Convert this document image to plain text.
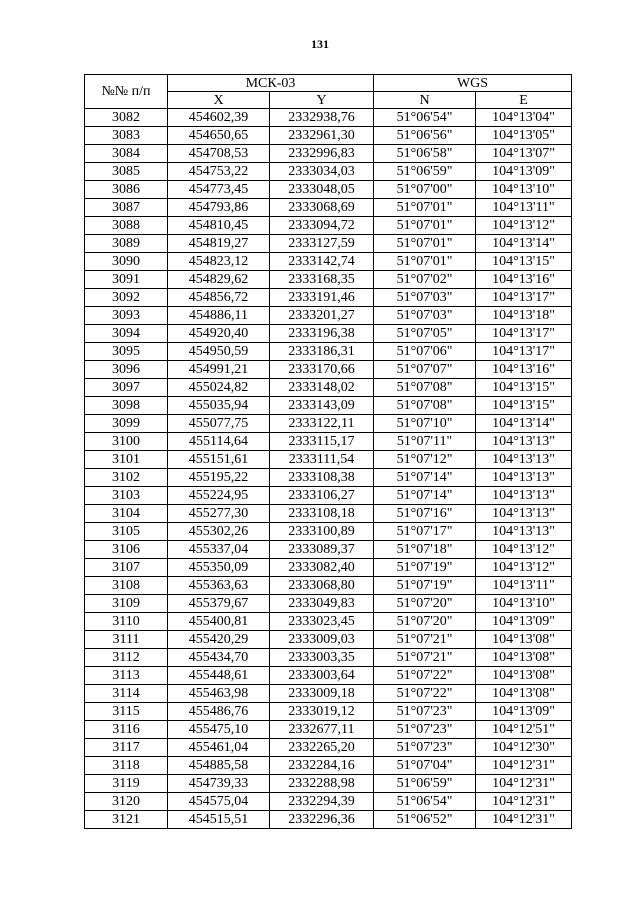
131
№№ п/п	МСК-03		WGS	
	X	Y	N	E
3082	454602,39	2332938,76	51°06'54"	104°13'04"
3083	454650,65	2332961,30	51°06'56"	104°13'05"
3084	454708,53	2332996,83	51°06'58"	104°13'07"
3085	454753,22	2333034,03	51°06'59"	104°13'09"
3086	454773,45	2333048,05	51°07'00"	104°13'10"
3087	454793,86	2333068,69	51°07'01"	104°13'11"
3088	454810,45	2333094,72	51°07'01"	104°13'12"
3089	454819,27	2333127,59	51°07'01"	104°13'14"
3090	454823,12	2333142,74	51°07'01"	104°13'15"
3091	454829,62	2333168,35	51°07'02"	104°13'16"
3092	454856,72	2333191,46	51°07'03"	104°13'17"
3093	454886,11	2333201,27	51°07'03"	104°13'18"
3094	454920,40	2333196,38	51°07'05"	104°13'17"
3095	454950,59	2333186,31	51°07'06"	104°13'17"
3096	454991,21	2333170,66	51°07'07"	104°13'16"
3097	455024,82	2333148,02	51°07'08"	104°13'15"
3098	455035,94	2333143,09	51°07'08"	104°13'15"
3099	455077,75	2333122,11	51°07'10"	104°13'14"
3100	455114,64	2333115,17	51°07'11"	104°13'13"
3101	455151,61	2333111,54	51°07'12"	104°13'13"
3102	455195,22	2333108,38	51°07'14"	104°13'13"
3103	455224,95	2333106,27	51°07'14"	104°13'13"
3104	455277,30	2333108,18	51°07'16"	104°13'13"
3105	455302,26	2333100,89	51°07'17"	104°13'13"
3106	455337,04	2333089,37	51°07'18"	104°13'12"
3107	455350,09	2333082,40	51°07'19"	104°13'12"
3108	455363,63	2333068,80	51°07'19"	104°13'11"
3109	455379,67	2333049,83	51°07'20"	104°13'10"
3110	455400,81	2333023,45	51°07'20"	104°13'09"
3111	455420,29	2333009,03	51°07'21"	104°13'08"
3112	455434,70	2333003,35	51°07'21"	104°13'08"
3113	455448,61	2333003,64	51°07'22"	104°13'08"
3114	455463,98	2333009,18	51°07'22"	104°13'08"
3115	455486,76	2333019,12	51°07'23"	104°13'09"
3116	455475,10	2332677,11	51°07'23"	104°12'51"
3117	455461,04	2332265,20	51°07'23"	104°12'30"
3118	454885,58	2332284,16	51°07'04"	104°12'31"
3119	454739,33	2332288,98	51°06'59"	104°12'31"
3120	454575,04	2332294,39	51°06'54"	104°12'31"
3121	454515,51	2332296,36	51°06'52"	104°12'31"
